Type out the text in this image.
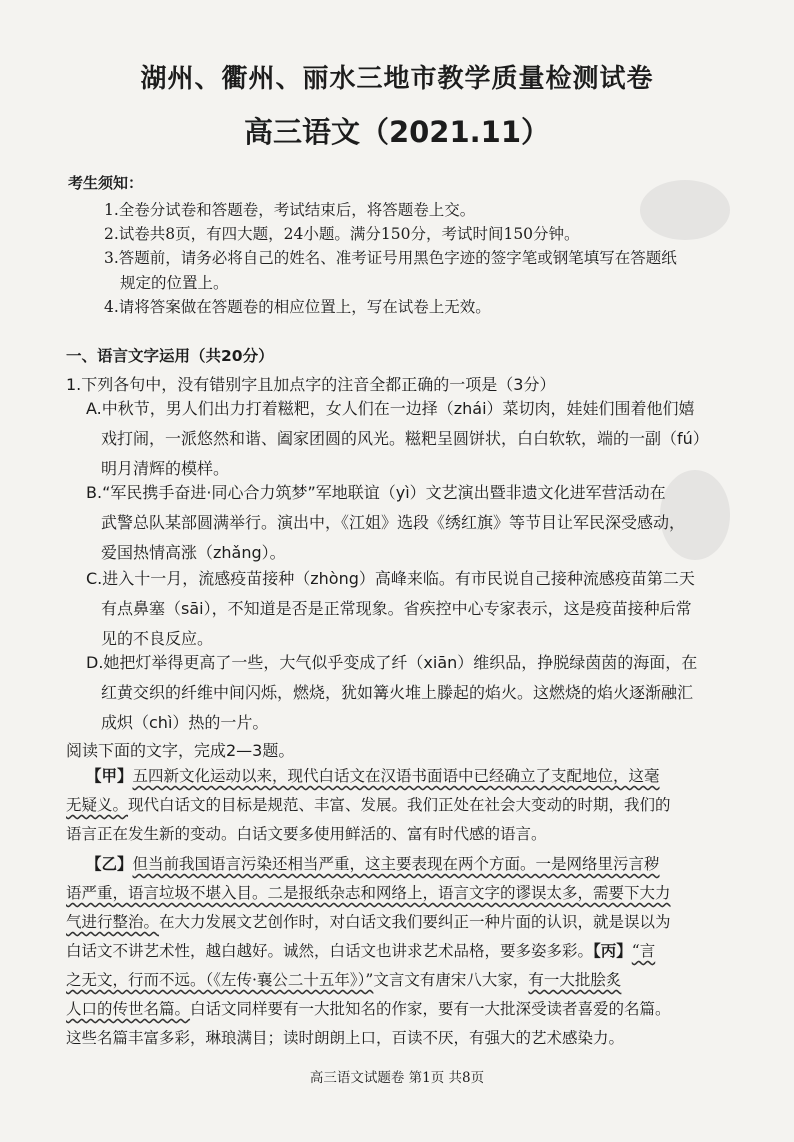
湖州、衢州、丽水三地市教学质量检测试卷
高三语文（2021.11）
考生须知：
1.全卷分试卷和答题卷，考试结束后，将答题卷上交。
2.试卷共8页，有四大题，24小题。满分150分，考试时间150分钟。
3.答题前，请务必将自己的姓名、准考证号用黑色字迹的签字笔或钢笔填写在答题纸
规定的位置上。
4.请将答案做在答题卷的相应位置上，写在试卷上无效。
一、语言文字运用（共20分）
1.下列各句中，没有错别字且加点字的注音全都正确的一项是（3分）
A.中秋节，男人们出力打着糍粑，女人们在一边择（zhái）菜切肉，娃娃们围着他们嬉
戏打闹，一派悠然和谐、阖家团圆的风光。糍粑呈圆饼状，白白软软，端的一副（fú）
明月清辉的模样。
B.“军民携手奋进·同心合力筑梦”军地联谊（yì）文艺演出暨非遗文化进军营活动在
武警总队某部圆满举行。演出中，《江姐》选段《绣红旗》等节目让军民深受感动，
爱国热情高涨（zhǎng）。
C.进入十一月，流感疫苗接种（zhòng）高峰来临。有市民说自己接种流感疫苗第二天
有点鼻塞（sāi），不知道是否是正常现象。省疾控中心专家表示，这是疫苗接种后常
见的不良反应。
D.她把灯举得更高了一些，大气似乎变成了纤（xiān）维织品，挣脱绿茵茵的海面，在
红黄交织的纤维中间闪烁，燃烧，犹如篝火堆上滕起的焰火。这燃烧的焰火逐渐融汇
成炽（chì）热的一片。
阅读下面的文字，完成2—3题。
【甲】五四新文化运动以来，现代白话文在汉语书面语中已经确立了支配地位，这毫
无疑义。现代白话文的目标是规范、丰富、发展。我们正处在社会大变动的时期，我们的
语言正在发生新的变动。白话文要多使用鲜活的、富有时代感的语言。
【乙】但当前我国语言污染还相当严重，这主要表现在两个方面。一是网络里污言秽
语严重，语言垃圾不堪入目。二是报纸杂志和网络上，语言文字的谬误太多，需要下大力
气进行整治。在大力发展文艺创作时，对白话文我们要纠正一种片面的认识，就是误以为
白话文不讲艺术性，越白越好。诚然，白话文也讲求艺术品格，要多姿多彩。【丙】“言
之无文，行而不远。（《左传·襄公二十五年》）”文言文有唐宋八大家，有一大批脍炙
人口的传世名篇。白话文同样要有一大批知名的作家，要有一大批深受读者喜爱的名篇。
这些名篇丰富多彩，琳琅满目；读时朗朗上口，百读不厌，有强大的艺术感染力。
高三语文试题卷 第1页 共8页
